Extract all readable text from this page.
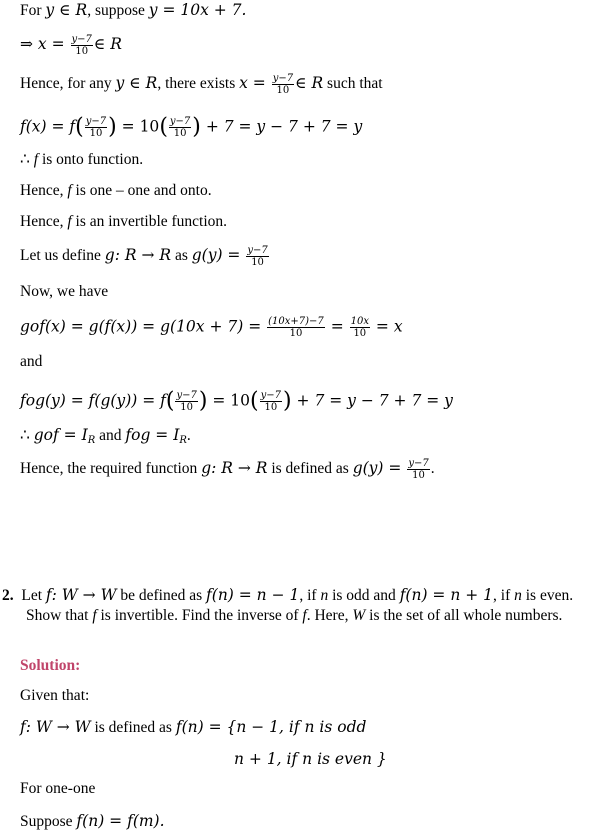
For y ∈ R, suppose y = 10x + 7.
⇒ $x = \frac{y-7}{10}$ ∈ R
Hence, for any y ∈ R, there exists $x = \frac{y-7}{10}$ ∈ R such that
$f(x) = f( \frac{y-7}{10}$ ) = $10( \frac{y-7}{10}$ ) + 7 = y − 7 + 7 = y
∴ f is onto function.
Hence, f is one – one and onto.
Hence, f is an invertible function.
Let us define g: R → R as $g(y) = \frac{y-7}{10}$
Now, we have
$gof(x) = g(f(x)) = g(10x + 7) = \frac{(10x+7)-7}{10} = \frac{10x}{10} = x$
and
$fog(y) = f(g(y)) = f( \frac{y-7}{10}$ ) = $10( \frac{y-7}{10}$ ) + 7 = y − 7 + 7 = y
∴ gof = $I_R$ and fog = $I_R$.
Hence, the required function g: R → R is defined as $g(y) = \frac{y-7}{10}$ .
2. Let f: W → W be defined as f(n) = n − 1, if n is odd and f(n) = n + 1, if n is even.
Show that f is invertible. Find the inverse of f. Here, W is the set of all whole numbers.
Solution:
Given that:
f: W → W is defined as f(n) = {n − 1, if n is odd
n + 1, if n is even }
For one-one
Suppose f(n) = f(m).
